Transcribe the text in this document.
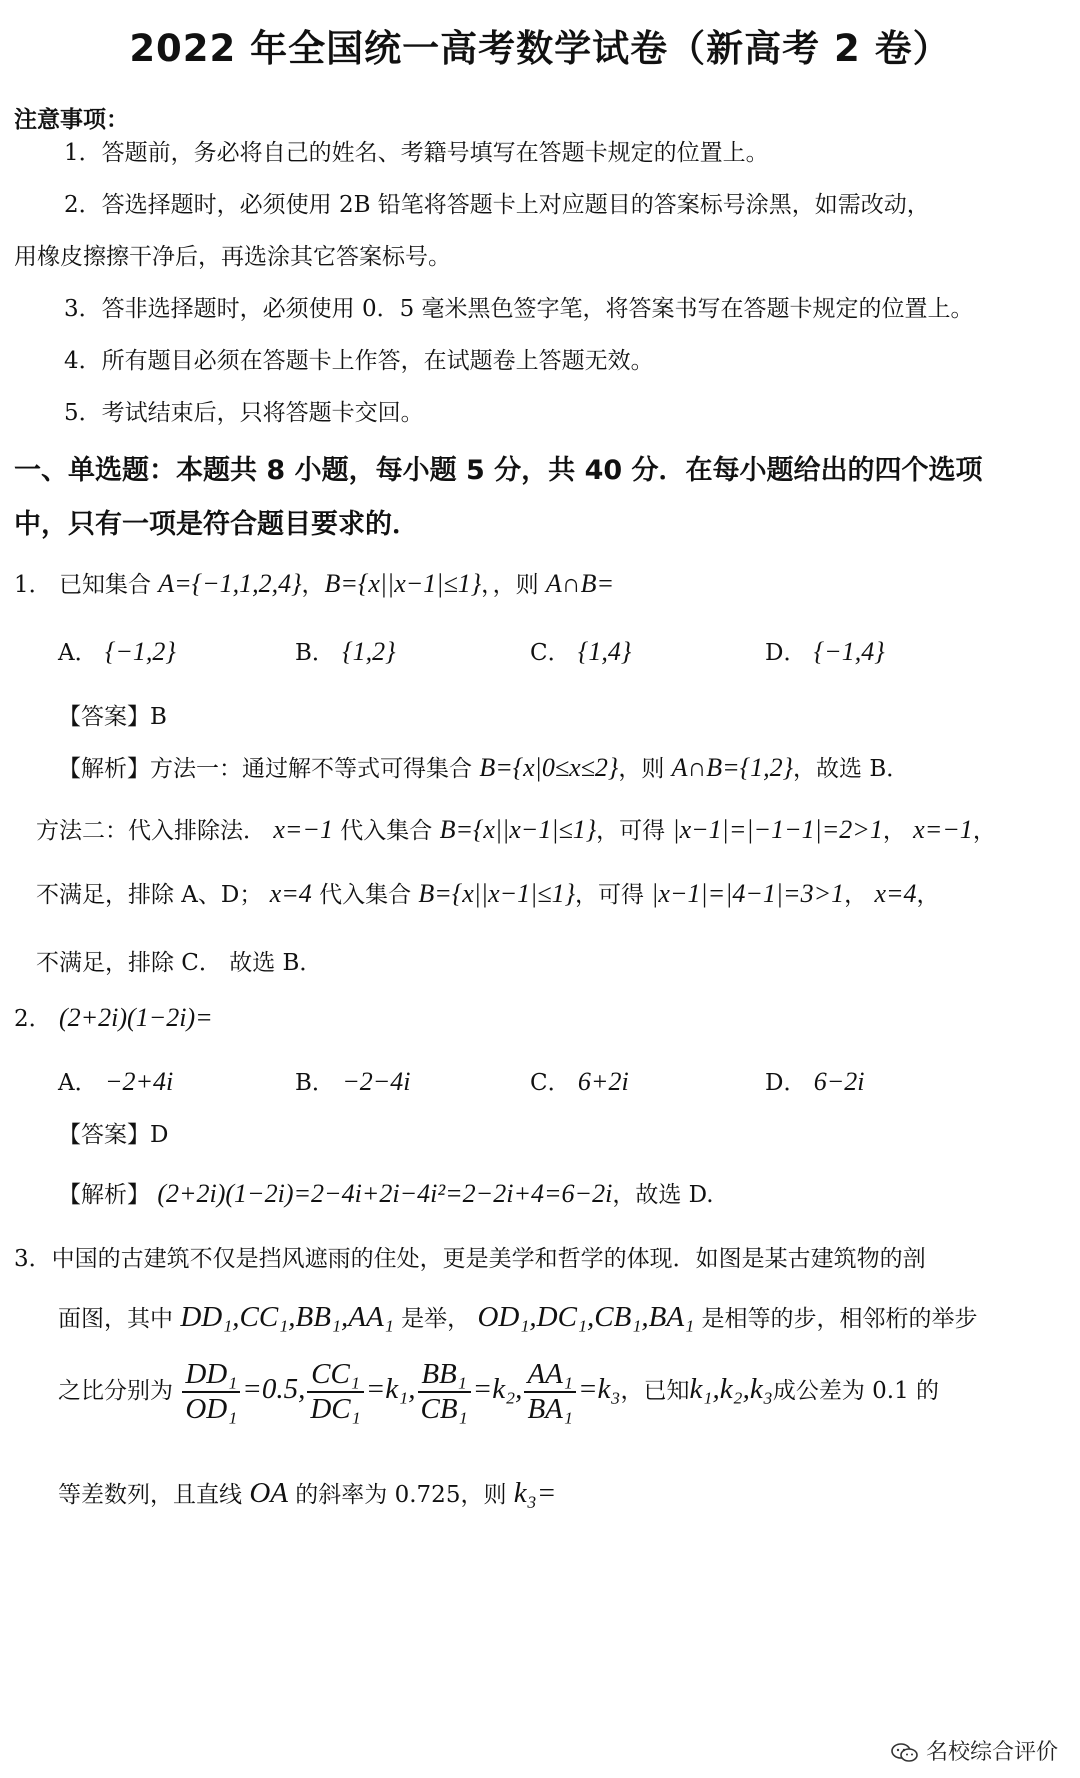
2022 年全国统一高考数学试卷（新高考 2 卷）
注意事项：
1．答题前，务必将自己的姓名、考籍号填写在答题卡规定的位置上。
2．答选择题时，必须使用 2B 铅笔将答题卡上对应题目的答案标号涂黑，如需改动，
用橡皮擦擦干净后，再选涂其它答案标号。
3．答非选择题时，必须使用 0．5 毫米黑色签字笔，将答案书写在答题卡规定的位置上。
4．所有题目必须在答题卡上作答，在试题卷上答题无效。
5．考试结束后，只将答题卡交回。
一、单选题：本题共 8 小题，每小题 5 分，共 40 分．在每小题给出的四个选项
中，只有一项是符合题目要求的．
1． 已知集合 A={−1,1,2,4}，B={x||x−1|≤1}，，则 A∩B=
A． {−1,2}	B． {1,2}	C． {1,4}	D． {−1,4}
【答案】B
【解析】方法一：通过解不等式可得集合 B={x|0≤x≤2}，则 A∩B={1,2}，故选 B．
方法二：代入排除法． x=−1 代入集合 B={x||x−1|≤1}，可得 |x−1|=|−1−1|=2>1， x=−1，
不满足，排除 A、D； x=4 代入集合 B={x||x−1|≤1}，可得 |x−1|=|4−1|=3>1， x=4，
不满足，排除 C． 故选 B．
2． (2+2i)(1−2i)=
A． −2+4i	B． −2−4i	C． 6+2i	D． 6−2i
【答案】D
【解析】 (2+2i)(1−2i)=2−4i+2i−4i²=2−2i+4=6−2i，故选 D.
3．中国的古建筑不仅是挡风遮雨的住处，更是美学和哲学的体现．如图是某古建筑物的剖
面图，其中 DD₁,CC₁,BB₁,AA₁ 是举， OD₁,DC₁,CB₁,BA₁ 是相等的步，相邻桁的举步
之比分别为 $\frac{\text{DD₁}}{\text{OD₁}} =0.5$, $\frac{\text{CC₁}}{\text{DC₁}} =k_1$, $\frac{\text{BB₁}}{\text{CB₁}} =k_2$, $\frac{\text{AA₁}}{\text{BA₁}} =k_3$，已知k₁,k₂,k₃成公差为 0.1 的
等差数列，且直线 OA 的斜率为 0.725，则 k₃=
名校综合评价
